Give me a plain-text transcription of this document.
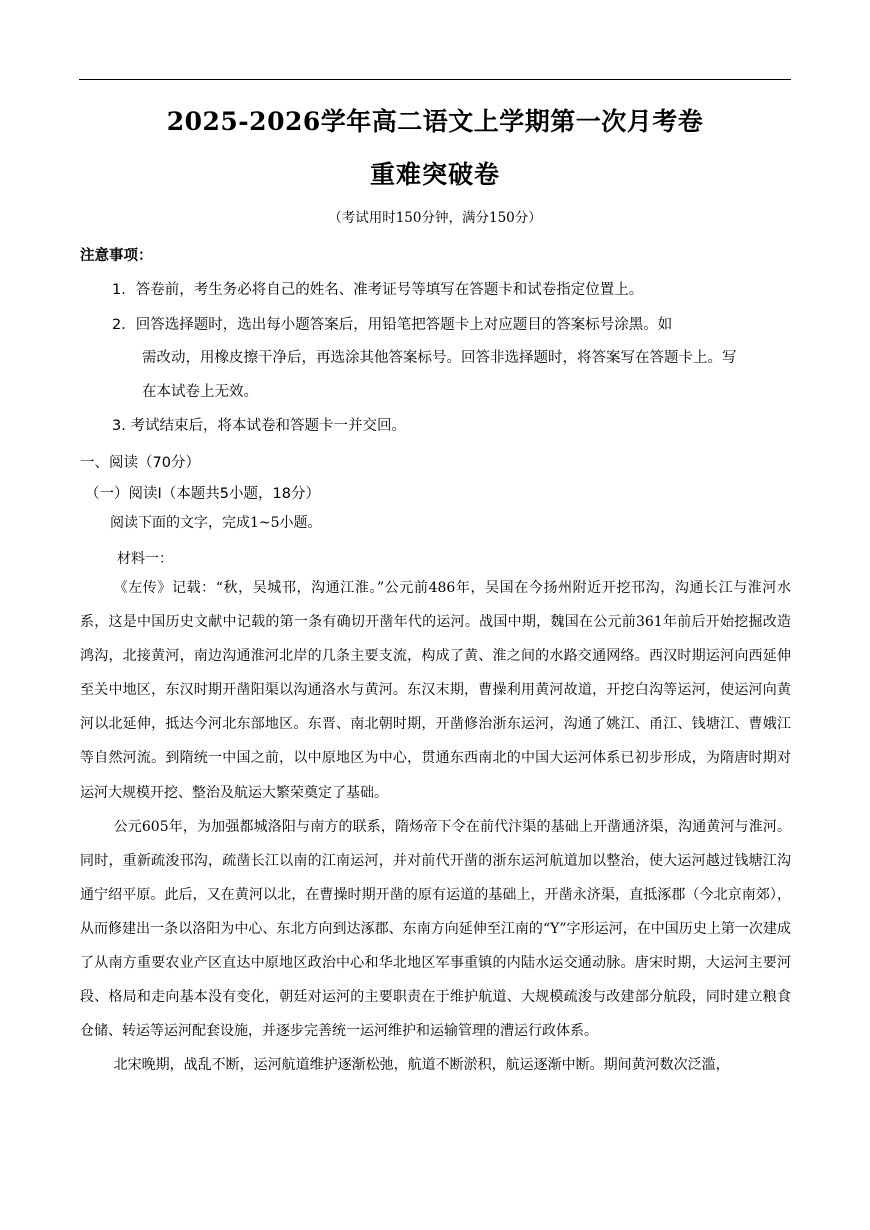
2025-2026学年高二语文上学期第一次月考卷
重难突破卷
（考试用时150分钟，满分150分）
注意事项：
1．答卷前，考生务必将自己的姓名、准考证号等填写在答题卡和试卷指定位置上。
2．回答选择题时，选出每小题答案后，用铅笔把答题卡上对应题目的答案标号涂黑。如
需改动，用橡皮擦干净后，再选涂其他答案标号。回答非选择题时，将答案写在答题卡上。写
在本试卷上无效。
3. 考试结束后，将本试卷和答题卡一并交回。
一、阅读（70分）
（一）阅读Ⅰ（本题共5小题，18分）
阅读下面的文字，完成1~5小题。
材料一：

《左传》记载：“秋，吴城邗，沟通江淮。”公元前486年，吴国在今扬州附近开挖邗沟，沟通长江与淮河水系，这是中国历史文献中记载的第一条有确切开凿年代的运河。战国中期，魏国在公元前361年前后开始挖掘改造鸿沟，北接黄河，南边沟通淮河北岸的几条主要支流，构成了黄、淮之间的水路交通网络。西汉时期运河向西延伸至关中地区，东汉时期开凿阳渠以沟通洛水与黄河。东汉末期，曹操利用黄河故道，开挖白沟等运河，使运河向黄河以北延伸，抵达今河北东部地区。东晋、南北朝时期，开凿修治浙东运河，沟通了姚江、甬江、钱塘江、曹娥江等自然河流。到隋统一中国之前，以中原地区为中心，贯通东西南北的中国大运河体系已初步形成，为隋唐时期对运河大规模开挖、整治及航运大繁荣奠定了基础。

公元605年，为加强都城洛阳与南方的联系，隋炀帝下令在前代汴渠的基础上开凿通济渠，沟通黄河与淮河。同时，重新疏浚邗沟，疏凿长江以南的江南运河，并对前代开凿的浙东运河航道加以整治，使大运河越过钱塘江沟通宁绍平原。此后，又在黄河以北，在曹操时期开凿的原有运道的基础上，开凿永济渠，直抵涿郡（今北京南郊），从而修建出一条以洛阳为中心、东北方向到达涿郡、东南方向延伸至江南的“Y”字形运河，在中国历史上第一次建成了从南方重要农业产区直达中原地区政治中心和华北地区军事重镇的内陆水运交通动脉。唐宋时期，大运河主要河段、格局和走向基本没有变化，朝廷对运河的主要职责在于维护航道、大规模疏浚与改建部分航段，同时建立粮食仓储、转运等运河配套设施，并逐步完善统一运河维护和运输管理的漕运行政体系。

北宋晚期，战乱不断，运河航道维护逐渐松弛，航道不断淤积，航运逐渐中断。期间黄河数次泛滥，
